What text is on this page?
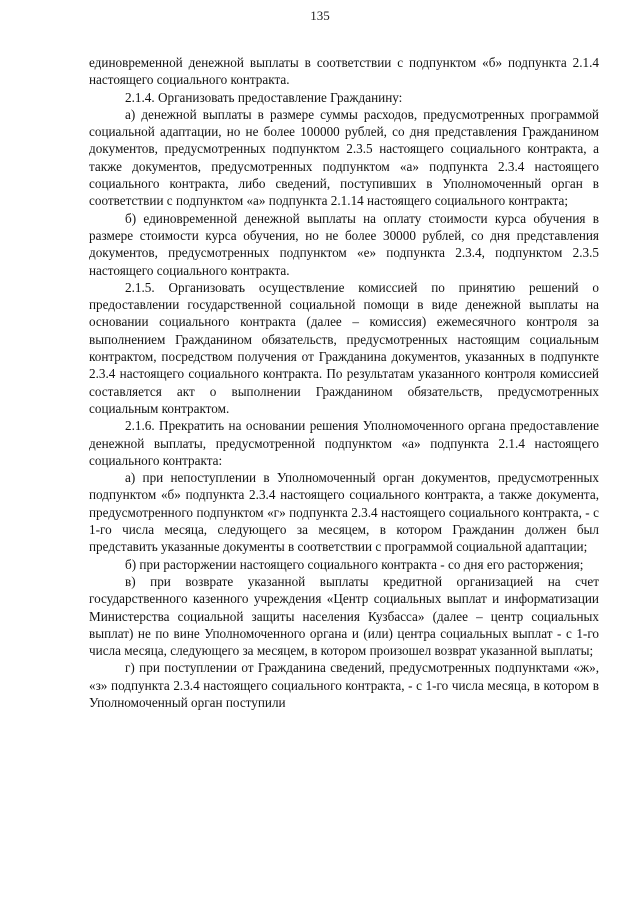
135

единовременной денежной выплаты в соответствии с подпунктом «б» подпункта 2.1.4 настоящего социального контракта.

2.1.4. Организовать предоставление Гражданину:

а) денежной выплаты в размере суммы расходов, предусмотренных программой социальной адаптации, но не более 100000 рублей, со дня представления Гражданином документов, предусмотренных подпунктом 2.3.5 настоящего социального контракта, а также документов, предусмотренных подпунктом «а» подпункта 2.3.4 настоящего социального контракта, либо сведений, поступивших в Уполномоченный орган в соответствии с подпунктом «а» подпункта 2.1.14 настоящего социального контракта;

б) единовременной денежной выплаты на оплату стоимости курса обучения в размере стоимости курса обучения, но не более 30000 рублей, со дня представления документов, предусмотренных подпунктом «е» подпункта 2.3.4, подпунктом 2.3.5 настоящего социального контракта.

2.1.5. Организовать осуществление комиссией по принятию решений о предоставлении государственной социальной помощи в виде денежной выплаты на основании социального контракта (далее – комиссия) ежемесячного контроля за выполнением Гражданином обязательств, предусмотренных настоящим социальным контрактом, посредством получения от Гражданина документов, указанных в подпункте 2.3.4 настоящего социального контракта. По результатам указанного контроля комиссией составляется акт о выполнении Гражданином обязательств, предусмотренных социальным контрактом.

2.1.6. Прекратить на основании решения Уполномоченного органа предоставление денежной выплаты, предусмотренной подпунктом «а» подпункта 2.1.4 настоящего социального контракта:

а) при непоступлении в Уполномоченный орган документов, предусмотренных подпунктом «б» подпункта 2.3.4 настоящего социального контракта, а также документа, предусмотренного подпунктом «г» подпункта 2.3.4 настоящего социального контракта, - с 1-го числа месяца, следующего за месяцем, в котором Гражданин должен был представить указанные документы в соответствии с программой социальной адаптации;

б) при расторжении настоящего социального контракта - со дня его расторжения;

в) при возврате указанной выплаты кредитной организацией на счет государственного казенного учреждения «Центр социальных выплат и информатизации Министерства социальной защиты населения Кузбасса» (далее – центр социальных выплат) не по вине Уполномоченного органа и (или) центра социальных выплат - с 1-го числа месяца, следующего за месяцем, в котором произошел возврат указанной выплаты;

г) при поступлении от Гражданина сведений, предусмотренных подпунктами «ж», «з» подпункта 2.3.4 настоящего социального контракта, - с 1-го числа месяца, в котором в Уполномоченный орган поступили
